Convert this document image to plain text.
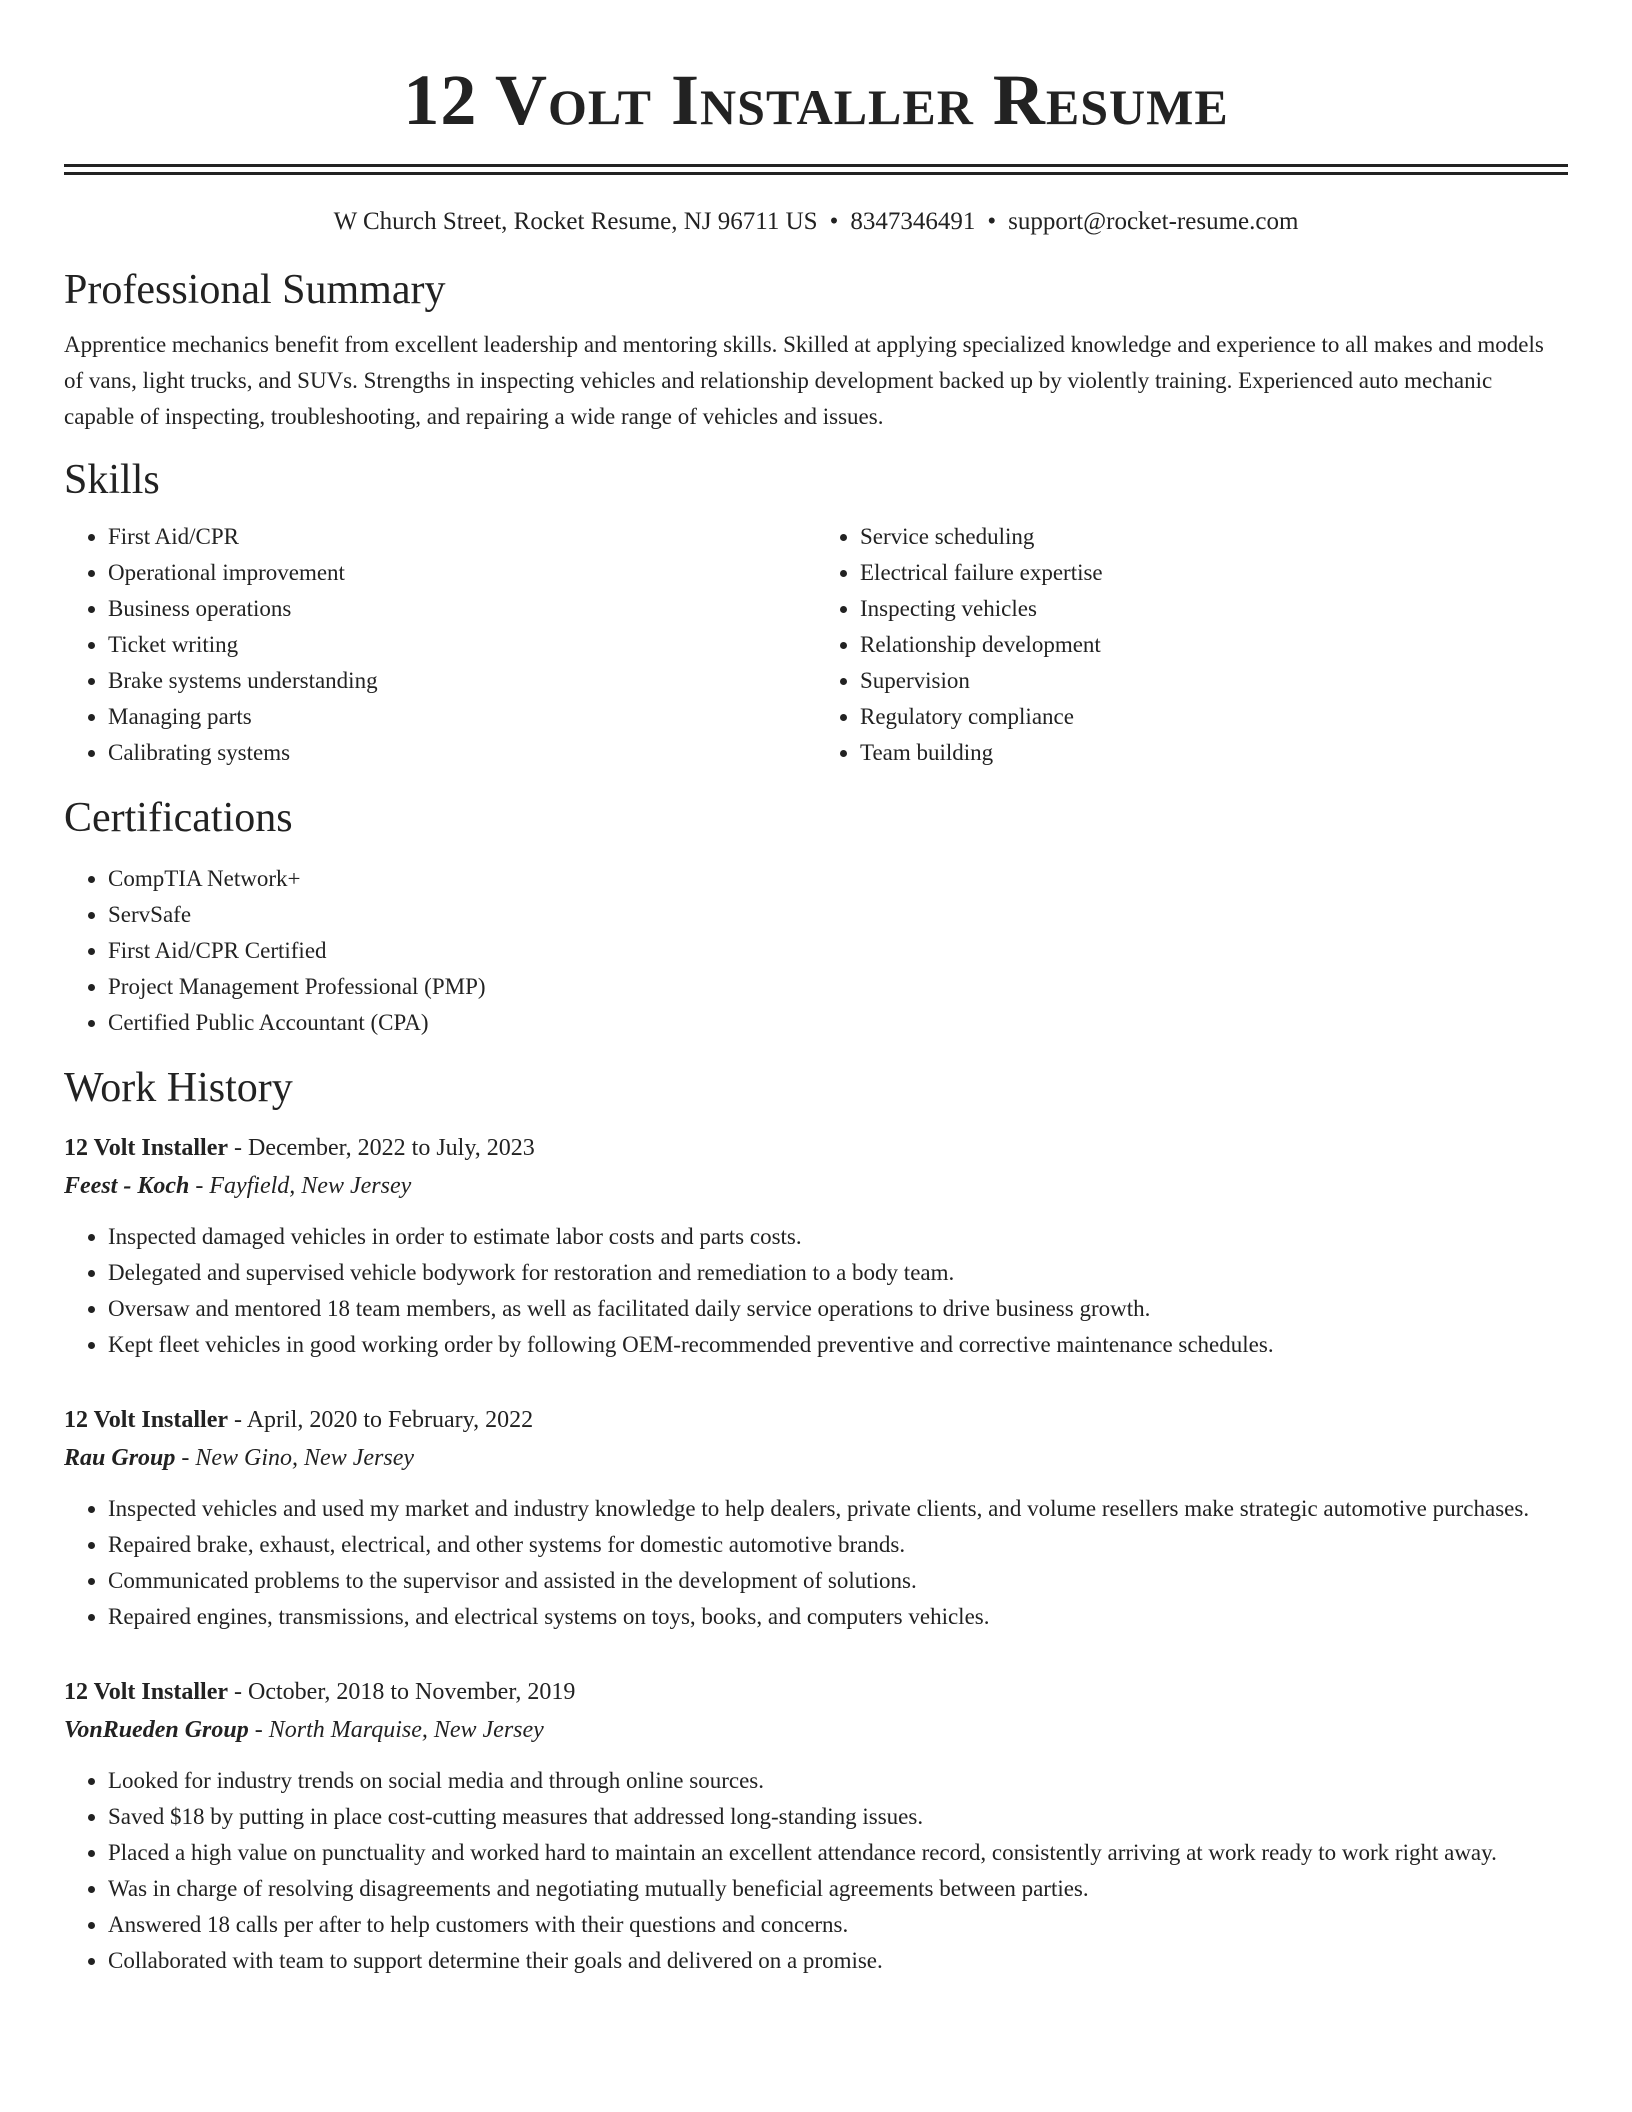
12 Volt Installer Resume
W Church Street, Rocket Resume, NJ 96711 US • 8347346491 • support@rocket-resume.com
Professional Summary

Apprentice mechanics benefit from excellent leadership and mentoring skills. Skilled at applying specialized knowledge and experience to all makes and models of vans, light trucks, and SUVs. Strengths in inspecting vehicles and relationship development backed up by violently training. Experienced auto mechanic capable of inspecting, troubleshooting, and repairing a wide range of vehicles and issues.

Skills
• First Aid/CPR
• Operational improvement
• Business operations
• Ticket writing
• Brake systems understanding
• Managing parts
• Calibrating systems
• Service scheduling
• Electrical failure expertise
• Inspecting vehicles
• Relationship development
• Supervision
• Regulatory compliance
• Team building
Certifications
• CompTIA Network+
• ServSafe
• First Aid/CPR Certified
• Project Management Professional (PMP)
• Certified Public Accountant (CPA)
Work History
12 Volt Installer - December, 2022 to July, 2023
Feest - Koch - Fayfield, New Jersey
• Inspected damaged vehicles in order to estimate labor costs and parts costs.
• Delegated and supervised vehicle bodywork for restoration and remediation to a body team.
• Oversaw and mentored 18 team members, as well as facilitated daily service operations to drive business growth.
• Kept fleet vehicles in good working order by following OEM-recommended preventive and corrective maintenance schedules.
12 Volt Installer - April, 2020 to February, 2022
Rau Group - New Gino, New Jersey
• Inspected vehicles and used my market and industry knowledge to help dealers, private clients, and volume resellers make strategic automotive purchases.
• Repaired brake, exhaust, electrical, and other systems for domestic automotive brands.
• Communicated problems to the supervisor and assisted in the development of solutions.
• Repaired engines, transmissions, and electrical systems on toys, books, and computers vehicles.
12 Volt Installer - October, 2018 to November, 2019
VonRueden Group - North Marquise, New Jersey
• Looked for industry trends on social media and through online sources.
• Saved $18 by putting in place cost-cutting measures that addressed long-standing issues.
• Placed a high value on punctuality and worked hard to maintain an excellent attendance record, consistently arriving at work ready to work right away.
• Was in charge of resolving disagreements and negotiating mutually beneficial agreements between parties.
• Answered 18 calls per after to help customers with their questions and concerns.
• Collaborated with team to support determine their goals and delivered on a promise.
